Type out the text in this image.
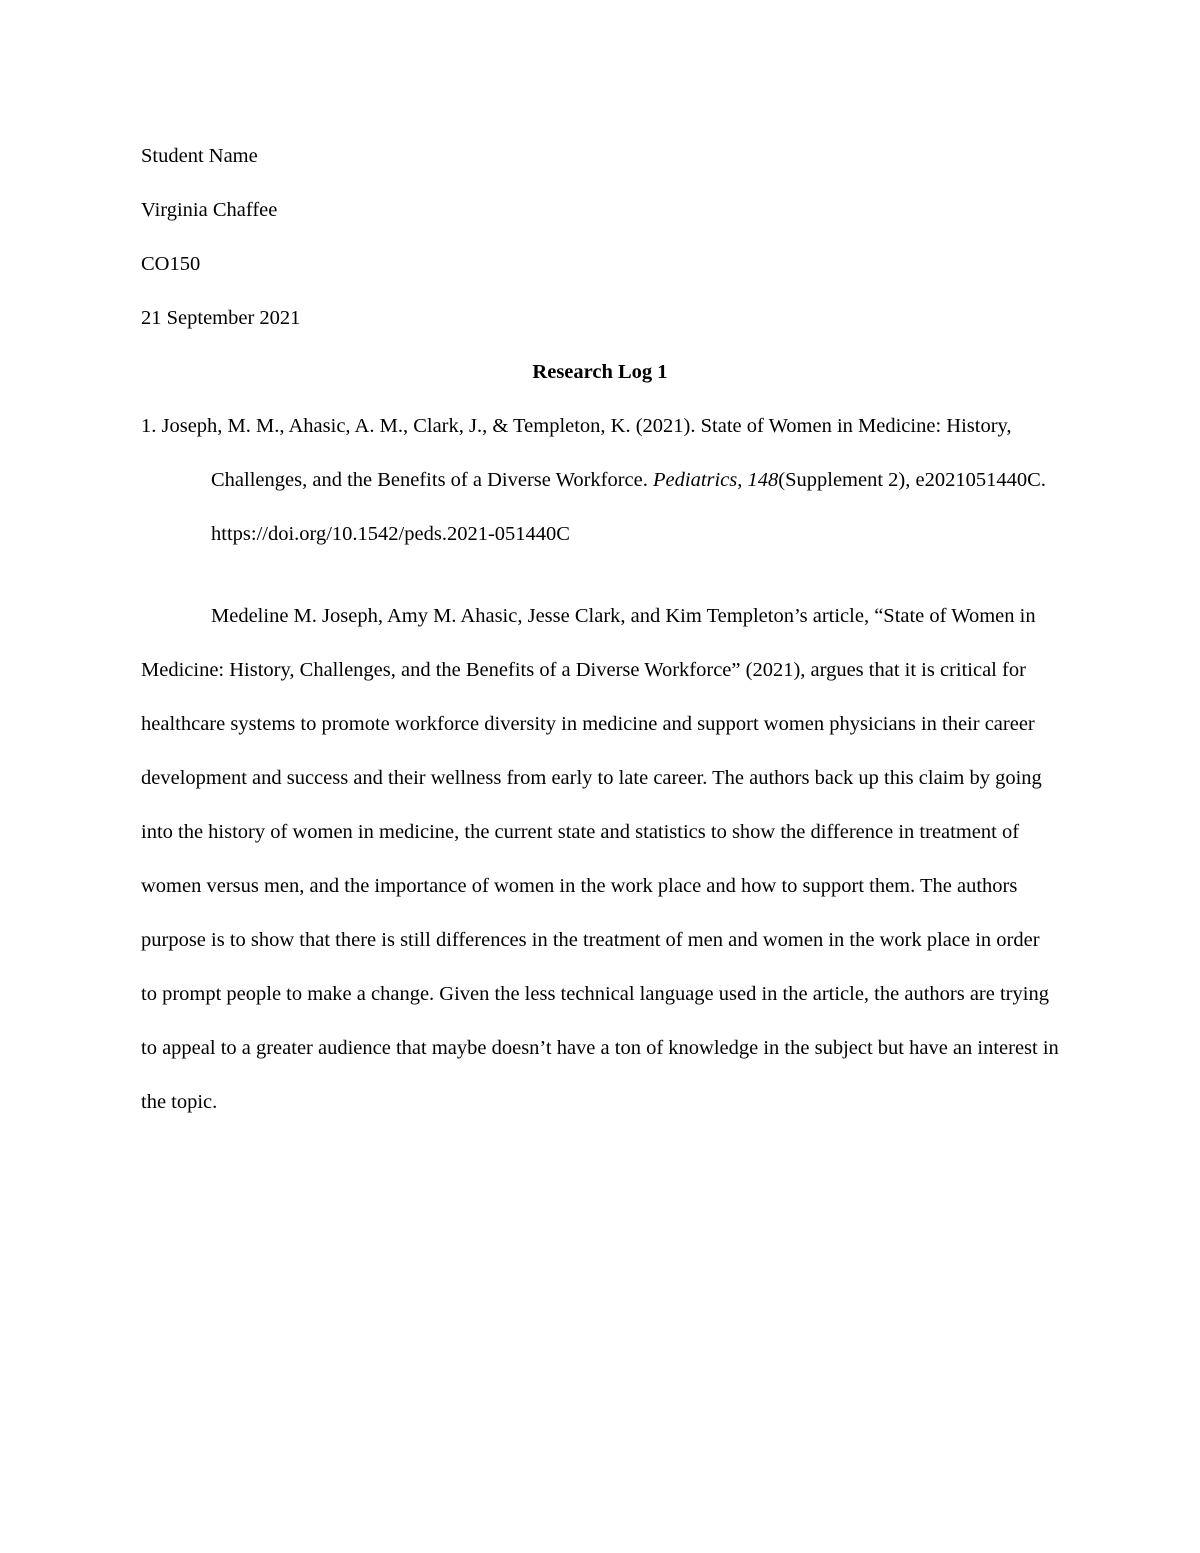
Student Name

Virginia Chaffee

CO150

21 September 2021

Research Log 1

1. Joseph, M. M., Ahasic, A. M., Clark, J., & Templeton, K. (2021). State of Women in Medicine: History, Challenges, and the Benefits of a Diverse Workforce. Pediatrics, 148(Supplement 2), e2021051440C. https://doi.org/10.1542/peds.2021-051440C

Medeline M. Joseph, Amy M. Ahasic, Jesse Clark, and Kim Templeton’s article, “State of Women in Medicine: History, Challenges, and the Benefits of a Diverse Workforce” (2021), argues that it is critical for healthcare systems to promote workforce diversity in medicine and support women physicians in their career development and success and their wellness from early to late career. The authors back up this claim by going into the history of women in medicine, the current state and statistics to show the difference in treatment of women versus men, and the importance of women in the work place and how to support them. The authors purpose is to show that there is still differences in the treatment of men and women in the work place in order to prompt people to make a change. Given the less technical language used in the article, the authors are trying to appeal to a greater audience that maybe doesn’t have a ton of knowledge in the subject but have an interest in the topic.
